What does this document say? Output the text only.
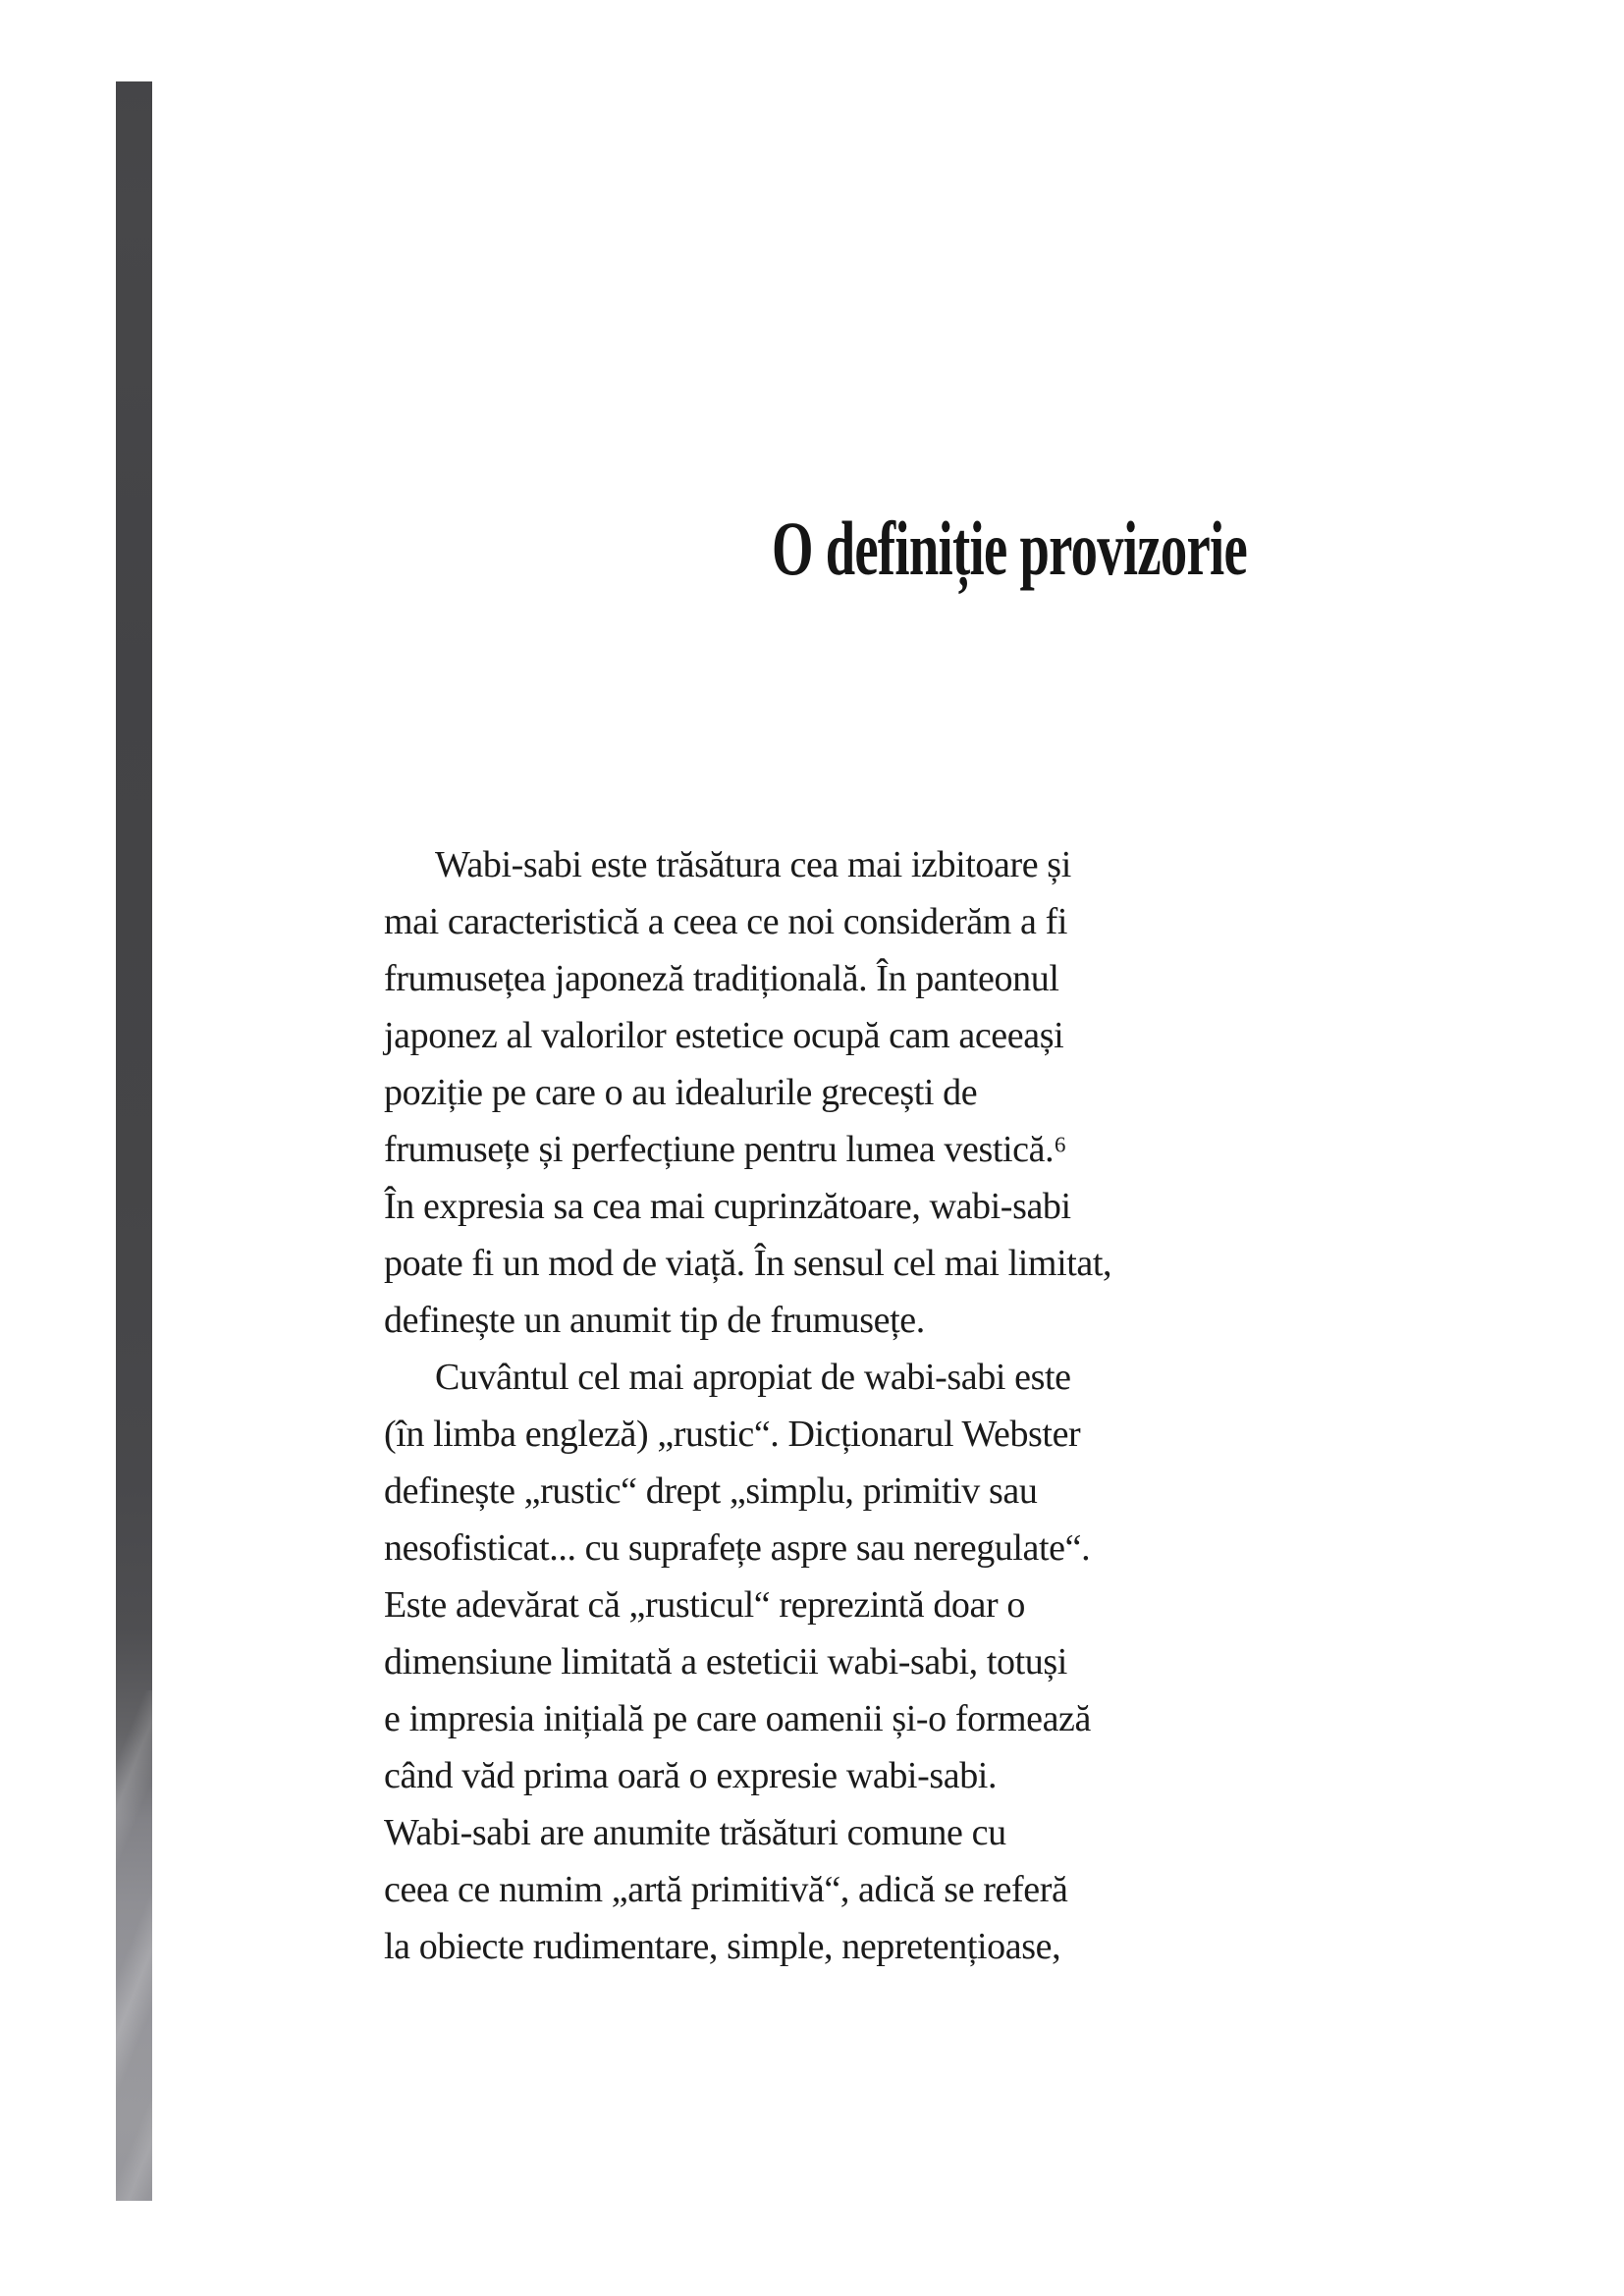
O definiție provizorie
Wabi-sabi este trăsătura cea mai izbitoare și
mai caracteristică a ceea ce noi considerăm a fi
frumusețea japoneză tradițională. În panteonul
japonez al valorilor estetice ocupă cam aceeași
poziție pe care o au idealurile grecești de
frumusețe și perfecțiune pentru lumea vestică.⁶
În expresia sa cea mai cuprinzătoare, wabi-sabi
poate fi un mod de viață. În sensul cel mai limitat,
definește un anumit tip de frumusețe.
Cuvântul cel mai apropiat de wabi-sabi este
(în limba engleză) „rustic“. Dicționarul Webster
definește „rustic“ drept „simplu, primitiv sau
nesofisticat... cu suprafețe aspre sau neregulate“.
Este adevărat că „rusticul“ reprezintă doar o
dimensiune limitată a esteticii wabi-sabi, totuși
e impresia inițială pe care oamenii și-o formează
când văd prima oară o expresie wabi-sabi.
Wabi-sabi are anumite trăsături comune cu
ceea ce numim „artă primitivă“, adică se referă
la obiecte rudimentare, simple, nepretențioase,
